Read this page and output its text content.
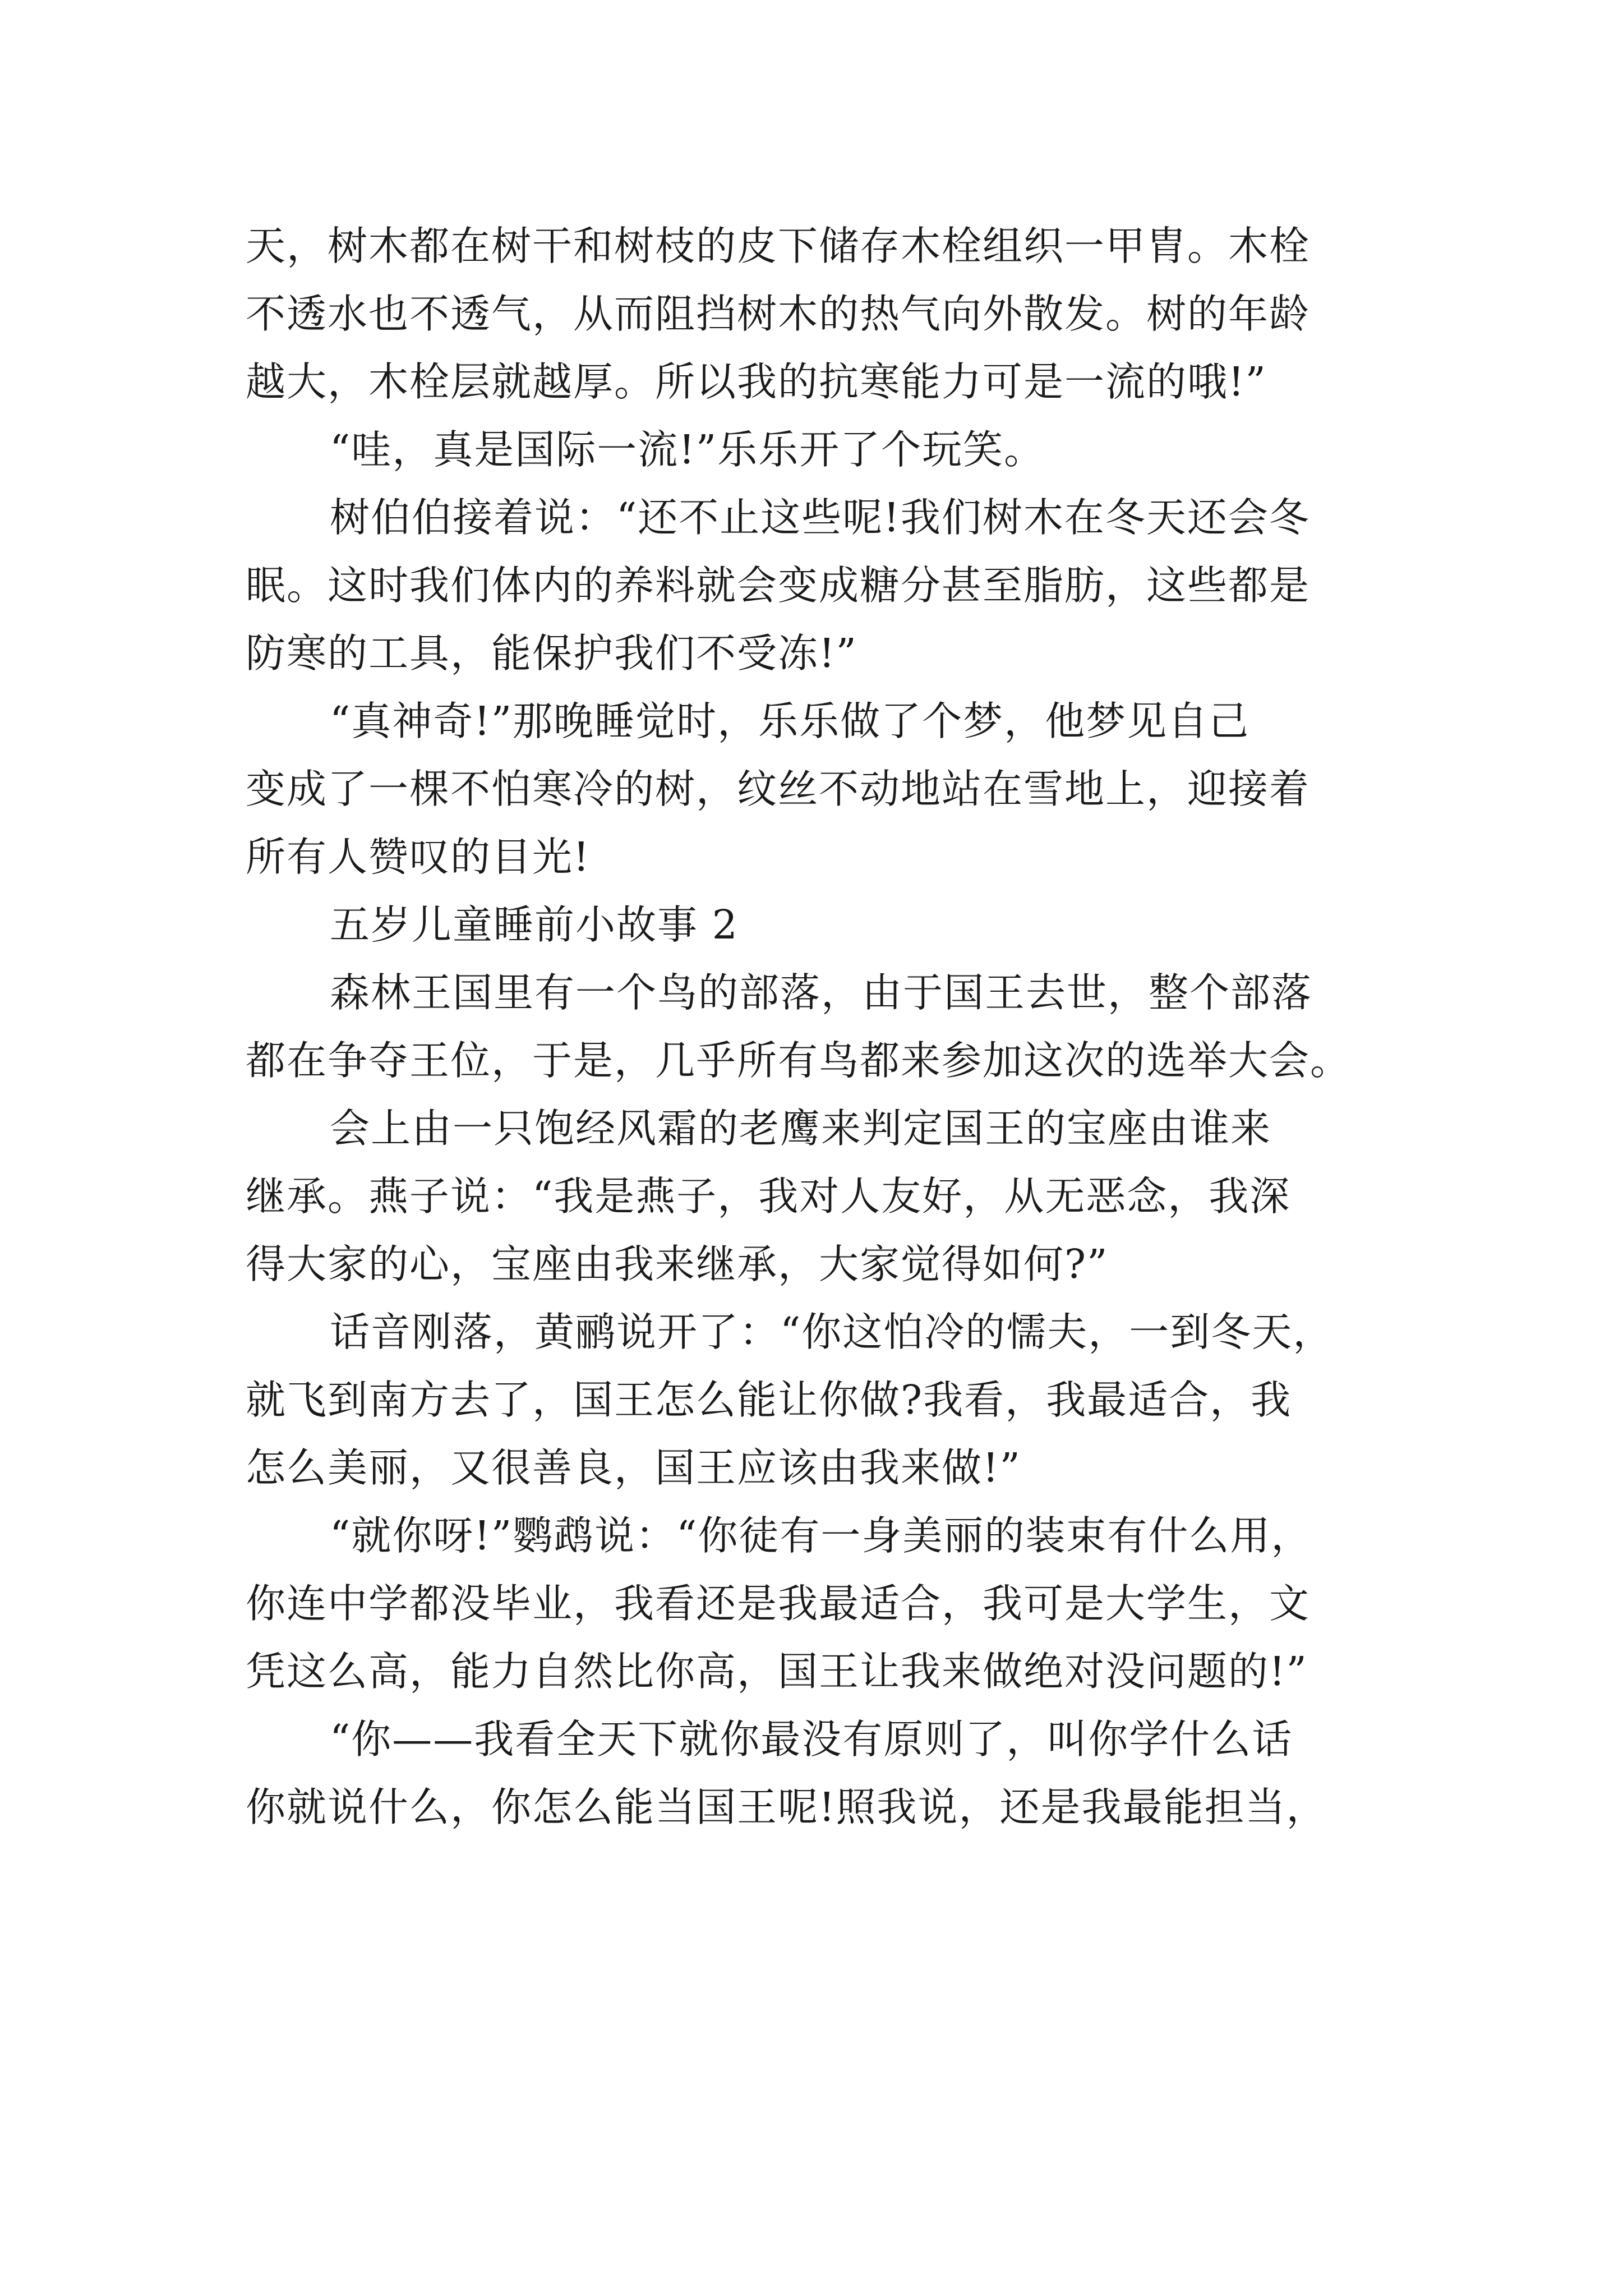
天，树木都在树干和树枝的皮下储存木栓组织一甲胄。木栓
不透水也不透气，从而阻挡树木的热气向外散发。树的年龄
越大，木栓层就越厚。所以我的抗寒能力可是一流的哦!”
“哇，真是国际一流!”乐乐开了个玩笑。
树伯伯接着说：“还不止这些呢!我们树木在冬天还会冬
眠。这时我们体内的养料就会变成糖分甚至脂肪，这些都是
防寒的工具，能保护我们不受冻!”
“真神奇!”那晚睡觉时，乐乐做了个梦，他梦见自己
变成了一棵不怕寒冷的树，纹丝不动地站在雪地上，迎接着
所有人赞叹的目光!
五岁儿童睡前小故事 2
森林王国里有一个鸟的部落，由于国王去世，整个部落
都在争夺王位，于是，几乎所有鸟都来参加这次的选举大会。
会上由一只饱经风霜的老鹰来判定国王的宝座由谁来
继承。燕子说：“我是燕子，我对人友好，从无恶念，我深
得大家的心，宝座由我来继承，大家觉得如何?”
话音刚落，黄鹂说开了：“你这怕冷的懦夫，一到冬天，
就飞到南方去了，国王怎么能让你做?我看，我最适合，我
怎么美丽，又很善良，国王应该由我来做!”
“就你呀!”鹦鹉说：“你徒有一身美丽的装束有什么用，
你连中学都没毕业，我看还是我最适合，我可是大学生，文
凭这么高，能力自然比你高，国王让我来做绝对没问题的!”
“你——我看全天下就你最没有原则了，叫你学什么话
你就说什么，你怎么能当国王呢!照我说，还是我最能担当，
